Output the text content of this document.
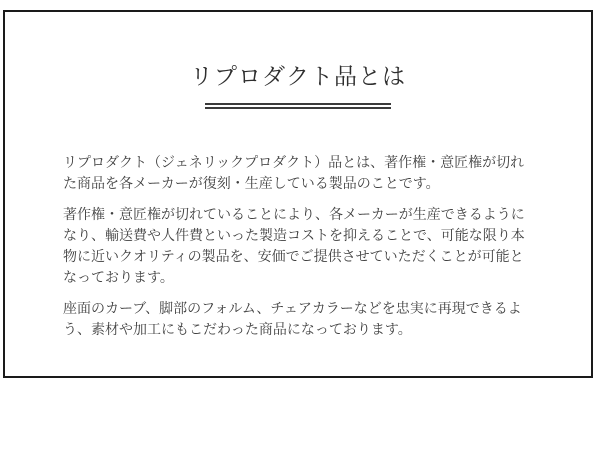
リプロダクト品とは

リプロダクト（ジェネリックプロダクト）品とは、著作権・意匠権が切れた商品を各メーカーが復刻・生産している製品のことです。

著作権・意匠権が切れていることにより、各メーカーが生産できるようになり、輸送費や人件費といった製造コストを抑えることで、可能な限り本物に近いクオリティの製品を、安価でご提供させていただくことが可能となっております。

座面のカーブ、脚部のフォルム、チェアカラーなどを忠実に再現できるよう、素材や加工にもこだわった商品になっております。
